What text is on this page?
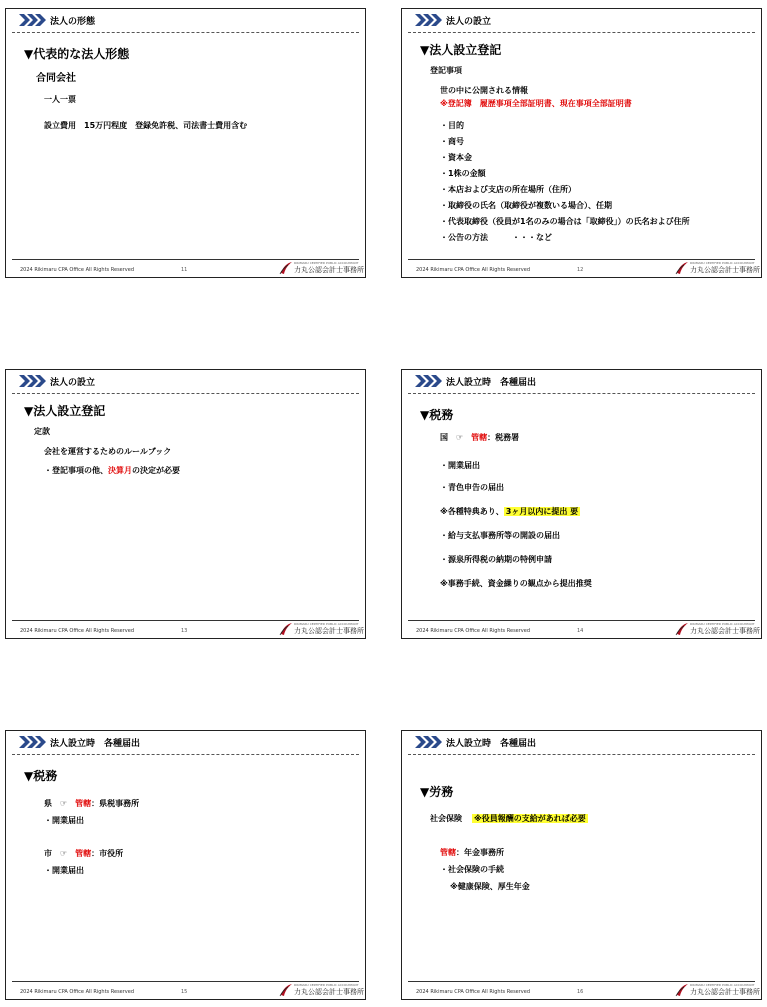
法人の形態
▼代表的な法人形態
合同会社
一人一票
設立費用　15万円程度　登録免許税、司法書士費用含む
2024 Rikimaru CPA Office All Rights Reserved	11
RIKIMARU CERTIFIED PUBLIC ACCOUNTANT
力丸公認会計士事務所
法人の設立
▼法人設立登記
登記事項
世の中に公開される情報
※登記簿　履歴事項全部証明書、現在事項全部証明書
・目的
・商号
・資本金
・1株の金額
・本店および支店の所在場所（住所）
・取締役の氏名（取締役が複数いる場合）、任期
・代表取締役（役員が1名のみの場合は「取締役」）の氏名および住所
・公告の方法　　　・・・など
2024 Rikimaru CPA Office All Rights Reserved	12
RIKIMARU CERTIFIED PUBLIC ACCOUNTANT
力丸公認会計士事務所
法人の設立
▼法人設立登記
定款
会社を運営するためのルールブック
・登記事項の他、決算月の決定が必要
2024 Rikimaru CPA Office All Rights Reserved	13
RIKIMARU CERTIFIED PUBLIC ACCOUNTANT
力丸公認会計士事務所
法人設立時　各種届出
▼税務
国　☞　管轄：税務署
・開業届出
・青色申告の届出
※各種特典あり、 3ヶ月以内に提出 要
・給与支払事務所等の開設の届出
・源泉所得税の納期の特例申請
※事務手続、資金繰りの観点から提出推奨
2024 Rikimaru CPA Office All Rights Reserved	14
RIKIMARU CERTIFIED PUBLIC ACCOUNTANT
力丸公認会計士事務所
法人設立時　各種届出
▼税務
県　☞　管轄：県税事務所
・開業届出
市　☞　管轄：市役所
・開業届出
2024 Rikimaru CPA Office All Rights Reserved	15
RIKIMARU CERTIFIED PUBLIC ACCOUNTANT
力丸公認会計士事務所
法人設立時　各種届出
▼労務
社会保険 ※役員報酬の支給があれば必要
管轄：年金事務所
・社会保険の手続
※健康保険、厚生年金
2024 Rikimaru CPA Office All Rights Reserved	16
RIKIMARU CERTIFIED PUBLIC ACCOUNTANT
力丸公認会計士事務所
